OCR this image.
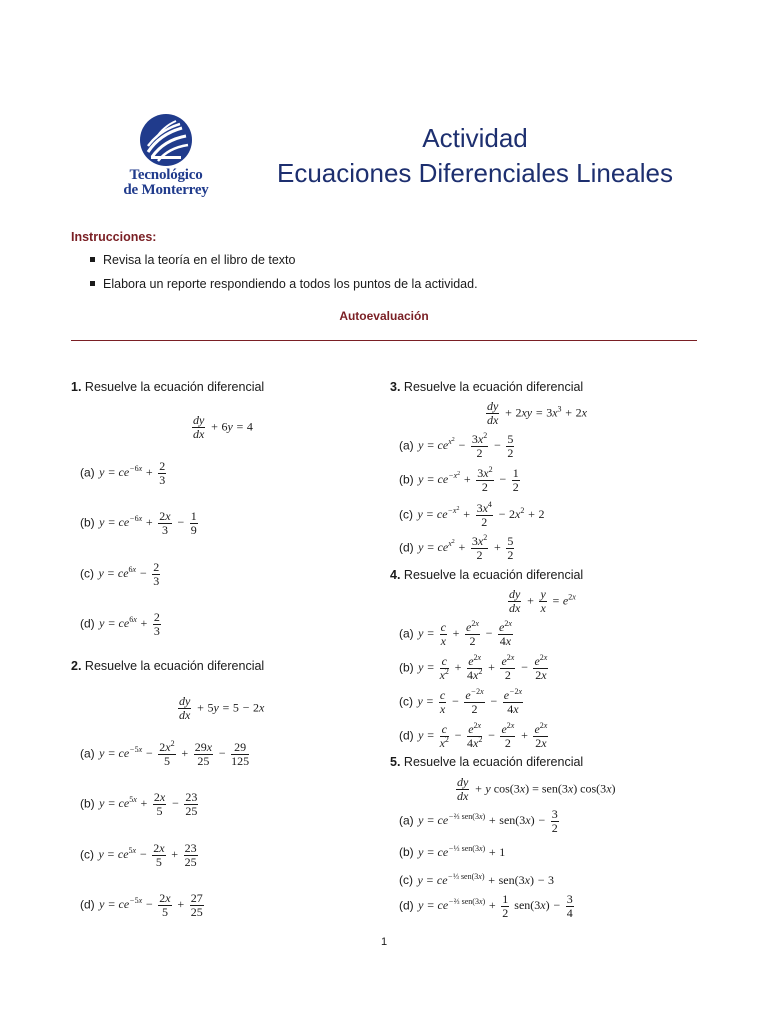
Tecnológico
de Monterrey
Actividad
Ecuaciones Diferenciales Lineales
Instrucciones:
Revisa la teoría en el libro de texto
Elabora un reporte respondiendo a todos los puntos de la actividad.
Autoevaluación
1. Resuelve la ecuación diferencial
$\frac{dy}{dx} + 6y = 4$
(a) $y = ce^{-6x} + \frac{2}{3}$
(b) $y = ce^{-6x} + \frac{2x}{3} - \frac{1}{9}$
(c) $y = ce^{6x} - \frac{2}{3}$
(d) $y = ce^{6x} + \frac{2}{3}$
2. Resuelve la ecuación diferencial
$\frac{dy}{dx} + 5y = 5 - 2x$
(a) $y = ce^{-5x} - \frac{2x^2}{5} + \frac{29x}{25} - \frac{29}{125}$
(b) $y = ce^{5x} + \frac{2x}{5} - \frac{23}{25}$
(c) $y = ce^{5x} - \frac{2x}{5} + \frac{23}{25}$
(d) $y = ce^{-5x} - \frac{2x}{5} + \frac{27}{25}$
3. Resuelve la ecuación diferencial
$\frac{dy}{dx} + 2xy = 3x^3 + 2x$
(a) $y = ce^{x^2} - \frac{3x^2}{2} - \frac{5}{2}$
(b) $y = ce^{-x^2} + \frac{3x^2}{2} - \frac{1}{2}$
(c) $y = ce^{-x^2} + \frac{3x^4}{2} - 2x^2 + 2$
(d) $y = ce^{x^2} + \frac{3x^2}{2} + \frac{5}{2}$
4. Resuelve la ecuación diferencial
$\frac{dy}{dx} + \frac{y}{x} = e^{2x}$
(a) $y = \frac{c}{x} + \frac{e^{2x}}{2} - \frac{e^{2x}}{4x}$
(b) $y = \frac{c}{x^2} + \frac{e^{2x}}{4x^2} + \frac{e^{2x}}{2} - \frac{e^{2x}}{2x}$
(c) $y = \frac{c}{x} - \frac{e^{-2x}}{2} - \frac{e^{-2x}}{4x}$
(d) $y = \frac{c}{x^2} - \frac{e^{2x}}{4x^2} - \frac{e^{2x}}{2} + \frac{e^{2x}}{2x}$
5. Resuelve la ecuación diferencial
$\frac{dy}{dx} + y$ cos(3x) = sen(3x) cos(3x)
(a) $y = ce^{-\frac{2}{3} sen(3x)} + sen(3x) - \frac{3}{2}$
(b) $y = ce^{-\frac{1}{3} sen(3x)} + 1$
(c) $y = ce^{-\frac{1}{3} sen(3x)} + sen(3x) - 3$
(d) $y = ce^{-\frac{2}{3} sen(3x)} + \frac{1}{2} sen(3x) - \frac{3}{4}$
1
